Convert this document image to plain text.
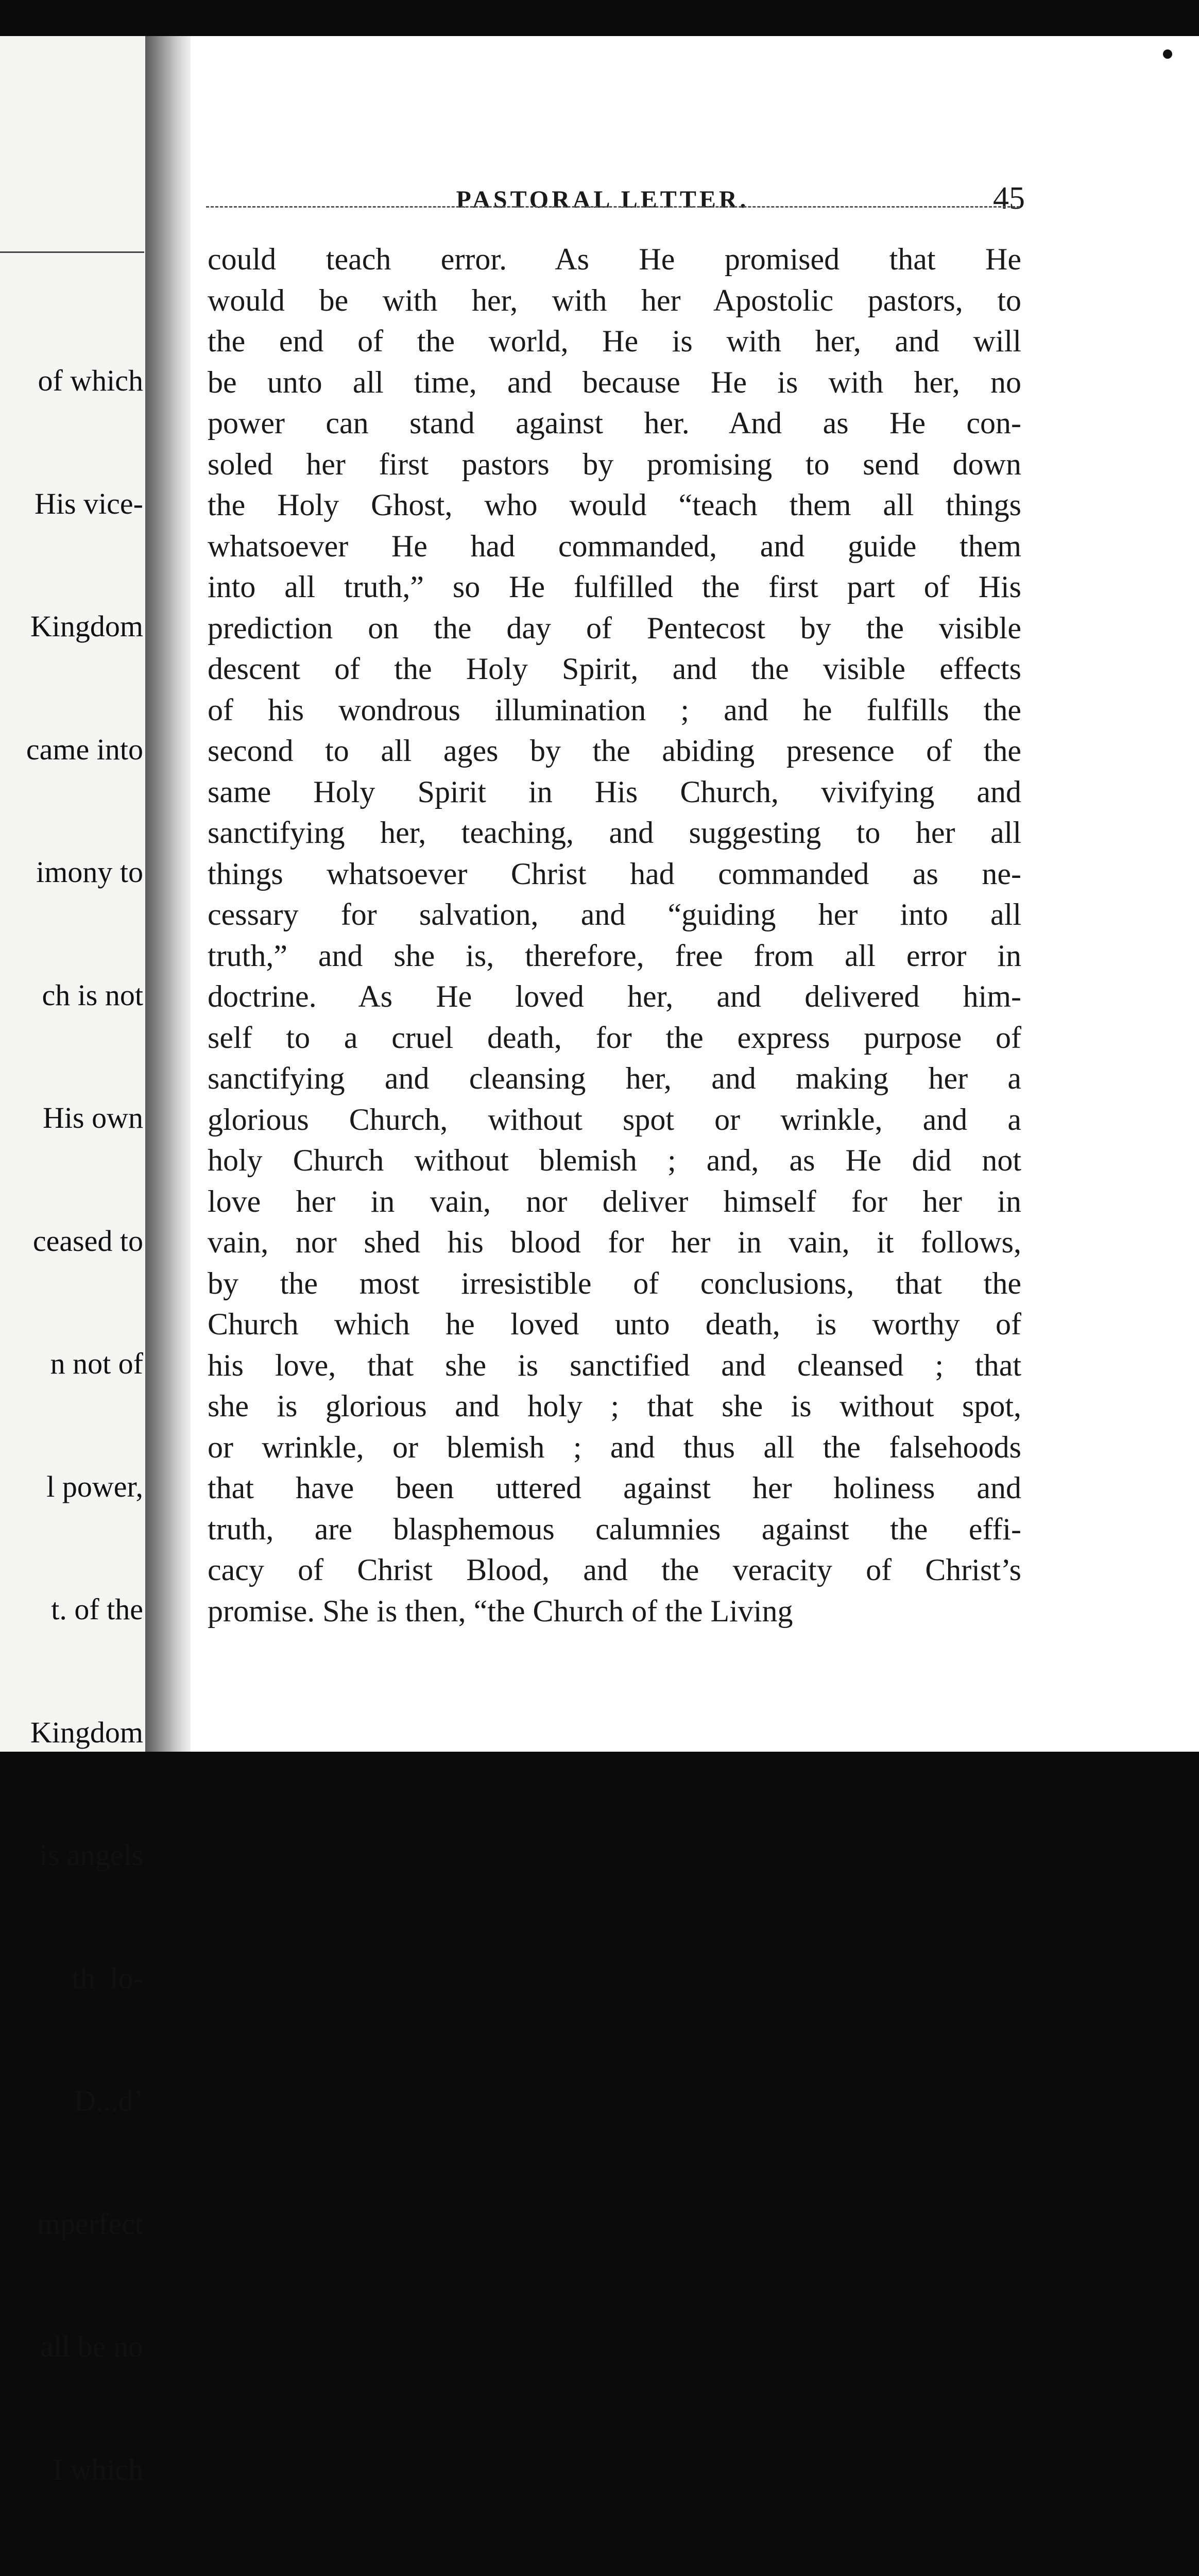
of which

His vice-

Kingdom

came into

imony to

ch is not

His own

ceased to

n not of

l power,

t. of the

Kingdom

is angels

th  lo-

D...d’

mperfect

all be no

I which

PASTORAL LETTER.	45
could teach error. As He promised that He
would be with her, with her Apostolic pastors, to
the end of the world, He is with her, and will
be unto all time, and because He is with her, no
power can stand against her. And as He con-
soled her first pastors by promising to send down
the Holy Ghost, who would “teach them all things
whatsoever He had commanded, and guide them
into all truth,” so He fulfilled the first part of His
prediction on the day of Pentecost by the visible
descent of the Holy Spirit, and the visible effects
of his wondrous illumination ; and he fulfills the
second to all ages by the abiding presence of the
same Holy Spirit in His Church, vivifying and
sanctifying her, teaching, and suggesting to her all
things whatsoever Christ had commanded as ne-
cessary for salvation, and “guiding her into all
truth,” and she is, therefore, free from all error in
doctrine. As He loved her, and delivered him-
self to a cruel death, for the express purpose of
sanctifying and cleansing her, and making her a
glorious Church, without spot or wrinkle, and a
holy Church without blemish ; and, as He did not
love her in vain, nor deliver himself for her in
vain, nor shed his blood for her in vain, it follows,
by the most irresistible of conclusions, that the
Church which he loved unto death, is worthy of
his love, that she is sanctified and cleansed ; that
she is glorious and holy ; that she is without spot,
or wrinkle, or blemish ; and thus all the falsehoods
that have been uttered against her holiness and
truth, are blasphemous calumnies against the effi-
cacy of Christ Blood, and the veracity of Christ’s
promise. She is then, “the Church of the Living
